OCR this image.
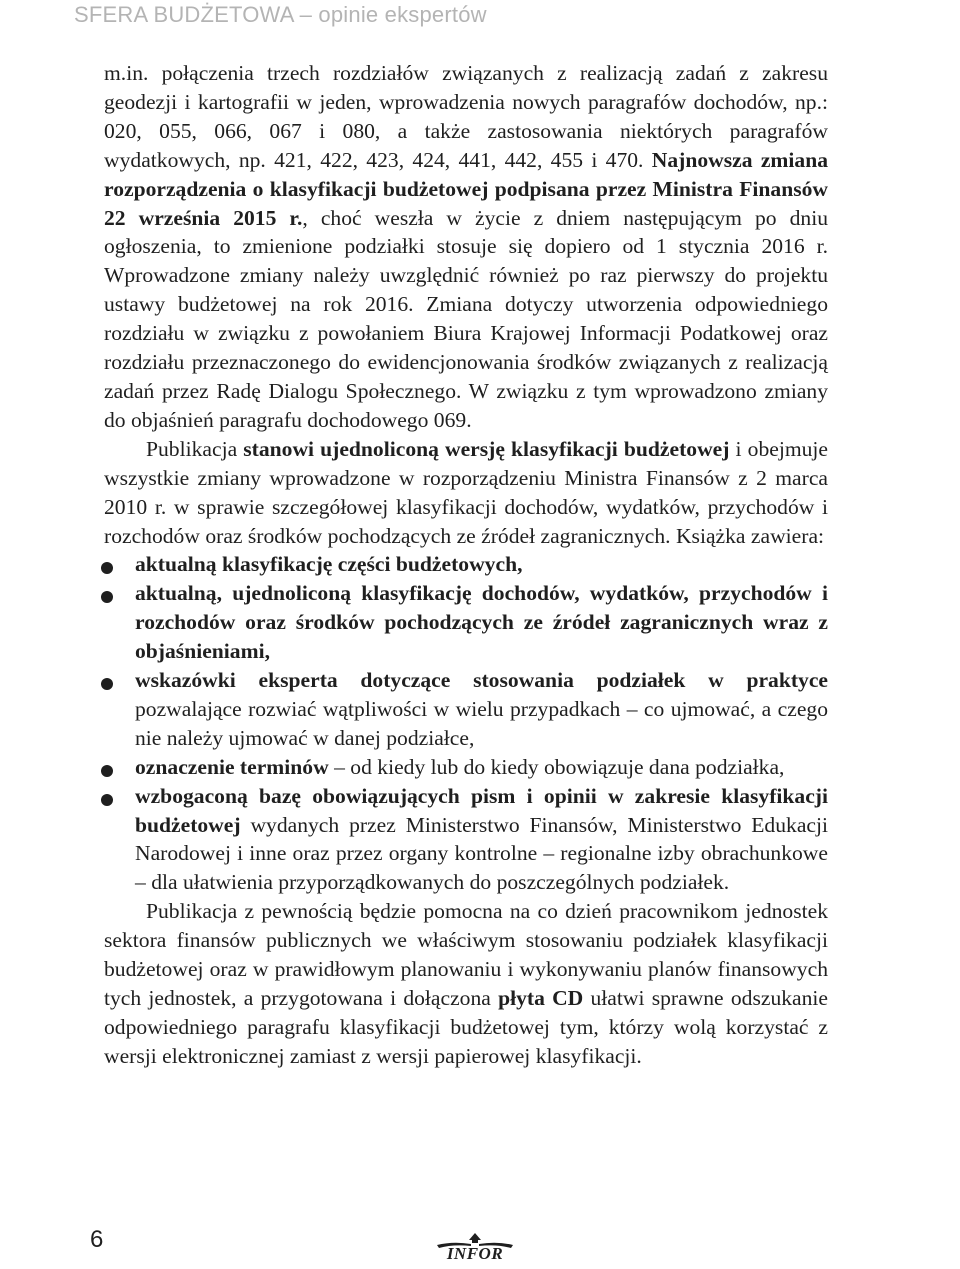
SFERA BUDŻETOWA – opinie ekspertów

m.in. połączenia trzech rozdziałów związanych z realizacją zadań z zakresu geodezji i kartografii w jeden, wprowadzenia nowych paragrafów dochodów, np.: 020, 055, 066, 067 i 080, a także zastosowania niektórych paragrafów wydatkowych, np. 421, 422, 423, 424, 441, 442, 455 i 470. Najnowsza zmiana rozporządzenia o klasyfikacji budżetowej podpisana przez Ministra Finansów 22 września 2015 r., choć weszła w życie z dniem następującym po dniu ogłoszenia, to zmienione podziałki stosuje się dopiero od 1 stycznia 2016 r. Wprowadzone zmiany należy uwzględnić również po raz pierwszy do projektu ustawy budżetowej na rok 2016. Zmiana dotyczy utworzenia odpowiedniego rozdziału w związku z powołaniem Biura Krajowej Informacji Podatkowej oraz rozdziału przeznaczonego do ewidencjonowania środków związanych z realizacją zadań przez Radę Dialogu Społecznego. W związku z tym wprowadzono zmiany do objaśnień paragrafu dochodowego 069.

Publikacja stanowi ujednoliconą wersję klasyfikacji budżetowej i obejmuje wszystkie zmiany wprowadzone w rozporządzeniu Ministra Finansów z 2 marca 2010 r. w sprawie szczegółowej klasyfikacji dochodów, wydatków, przychodów i rozchodów oraz środków pochodzących ze źródeł zagranicznych. Książka zawiera:

aktualną klasyfikację części budżetowych,
aktualną, ujednoliconą klasyfikację dochodów, wydatków, przychodów i rozchodów oraz środków pochodzących ze źródeł zagranicznych wraz z objaśnieniami,
wskazówki eksperta dotyczące stosowania podziałek w praktyce pozwalające rozwiać wątpliwości w wielu przypadkach – co ujmować, a czego nie należy ujmować w danej podziałce,
oznaczenie terminów – od kiedy lub do kiedy obowiązuje dana podziałka,
wzbogaconą bazę obowiązujących pism i opinii w zakresie klasyfikacji budżetowej wydanych przez Ministerstwo Finansów, Ministerstwo Edukacji Narodowej i inne oraz przez organy kontrolne – regionalne izby obrachunkowe – dla ułatwienia przyporządkowanych do poszczególnych podziałek.

Publikacja z pewnością będzie pomocna na co dzień pracownikom jednostek sektora finansów publicznych we właściwym stosowaniu podziałek klasyfikacji budżetowej oraz w prawidłowym planowaniu i wykonywaniu planów finansowych tych jednostek, a przygotowana i dołączona płyta CD ułatwi sprawne odszukanie odpowiedniego paragrafu klasyfikacji budżetowej tym, którzy wolą korzystać z wersji elektronicznej zamiast z wersji papierowej klasyfikacji.

6
INFOR
